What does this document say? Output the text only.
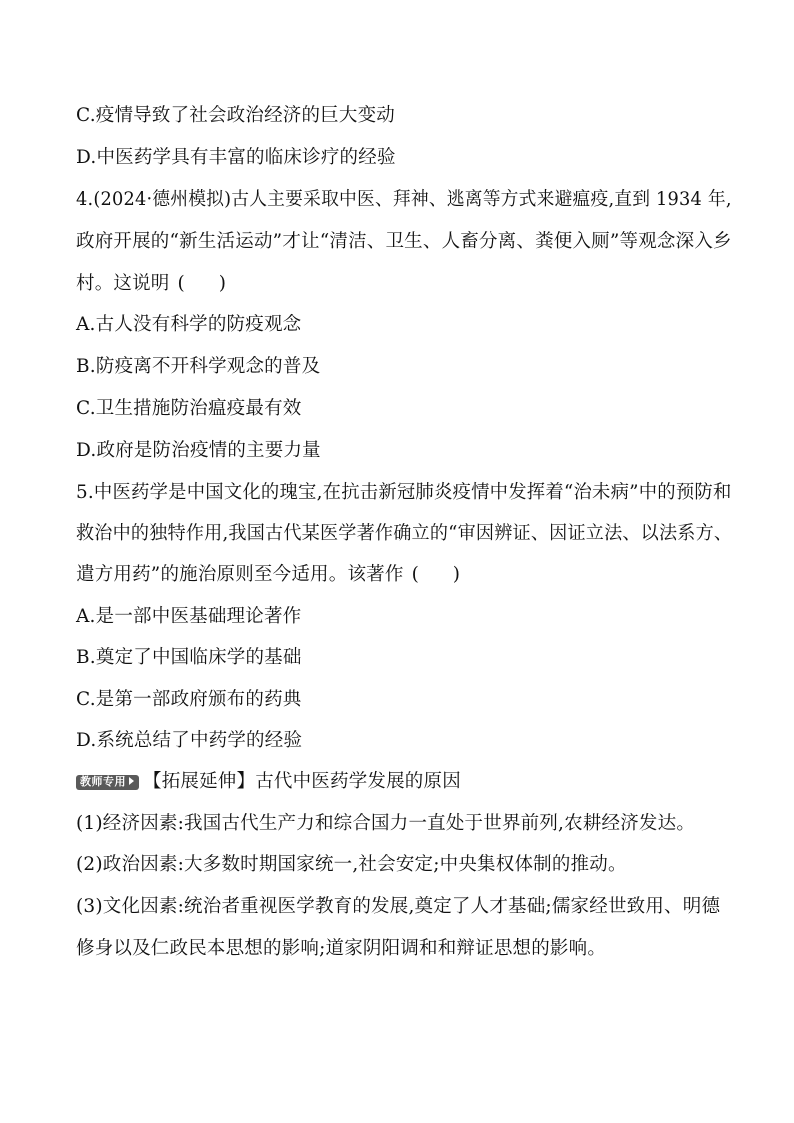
C.疫情导致了社会政治经济的巨大变动
D.中医药学具有丰富的临床诊疗的经验
4.(2024·德州模拟)古人主要采取中医、拜神、逃离等方式来避瘟疫,直到 1934 年,
政府开展的“新生活运动”才让“清洁、卫生、人畜分离、粪便入厕”等观念深入乡
村。这说明 ( )
A.古人没有科学的防疫观念
B.防疫离不开科学观念的普及
C.卫生措施防治瘟疫最有效
D.政府是防治疫情的主要力量
5.中医药学是中国文化的瑰宝,在抗击新冠肺炎疫情中发挥着“治未病”中的预防和
救治中的独特作用,我国古代某医学著作确立的“审因辨证、因证立法、以法系方、
遣方用药”的施治原则至今适用。该著作 ( )
A.是一部中医基础理论著作
B.奠定了中国临床学的基础
C.是第一部政府颁布的药典
D.系统总结了中药学的经验
教师专用 【拓展延伸】古代中医药学发展的原因
(1)经济因素:我国古代生产力和综合国力一直处于世界前列,农耕经济发达。
(2)政治因素:大多数时期国家统一,社会安定;中央集权体制的推动。
(3)文化因素:统治者重视医学教育的发展,奠定了人才基础;儒家经世致用、明德
修身以及仁政民本思想的影响;道家阴阳调和和辩证思想的影响。
